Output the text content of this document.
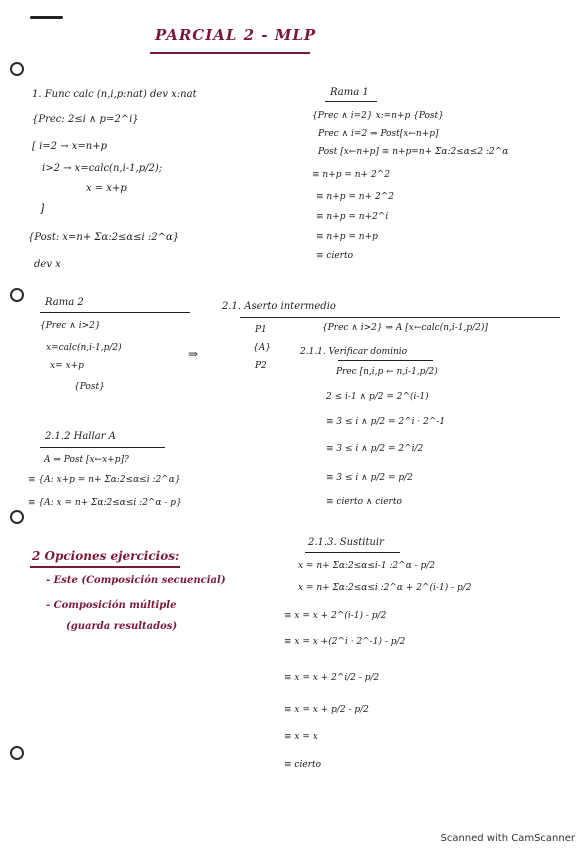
PARCIAL 2 - MLP
1. Func calc (n,i,p:nat) dev x:nat
{Prec: 2≤i ∧ p=2^i}
[ i=2 → x=n+p
i>2 → x=calc(n,i-1,p/2);
x = x+p
]
{Post: x=n+ Σα:2≤α≤i :2^α}
dev x
Rama 1
{Prec ∧ i=2} x:=n+p {Post}
Prec ∧ i=2 ⇒ Post[x←n+p]
Post [x←n+p] ≡ n+p=n+ Σα:2≤α≤2 :2^α
≡ n+p = n+ 2^2
≡ n+p = n+ 2^2
≡ n+p = n+2^i
≡ n+p = n+p
≡ cierto
Rama 2
{Prec ∧ i>2}
x=calc(n,i-1,p/2)
x= x+p
{Post}
⇒
2.1. Aserto intermedio
P1	{Prec ∧ i>2} ⇒ A [x←calc(n,i-1,p/2)]
{A}
P2
2.1.1. Verificar dominio
Prec [n,i,p ← n,i-1,p/2)
2 ≤ i-1 ∧ p/2 = 2^(i-1)
≡ 3 ≤ i ∧ p/2 = 2^i · 2^-1
≡ 3 ≤ i ∧ p/2 = 2^i/2
≡ 3 ≤ i ∧ p/2 = p/2
≡ cierto ∧ cierto
2.1.2 Hallar A
A ⇒ Post [x←x+p]?
≡ {A: x+p = n+ Σα:2≤α≤i :2^α}
≡ {A: x = n+ Σα:2≤α≤i :2^α - p}
2 Opciones ejercicios:
- Este (Composición secuencial)
- Composición múltiple
(guarda resultados)
2.1.3. Sustituir
x = n+ Σα:2≤α≤i-1 :2^α - p/2
x = n+ Σα:2≤α≤i :2^α + 2^(i-1) - p/2
≡ x = x + 2^(i-1) - p/2
≡ x = x +(2^i · 2^-1) - p/2
≡ x = x + 2^i/2 - p/2
≡ x = x + p/2 - p/2
≡ x = x
≡ cierto
Scanned with CamScanner
